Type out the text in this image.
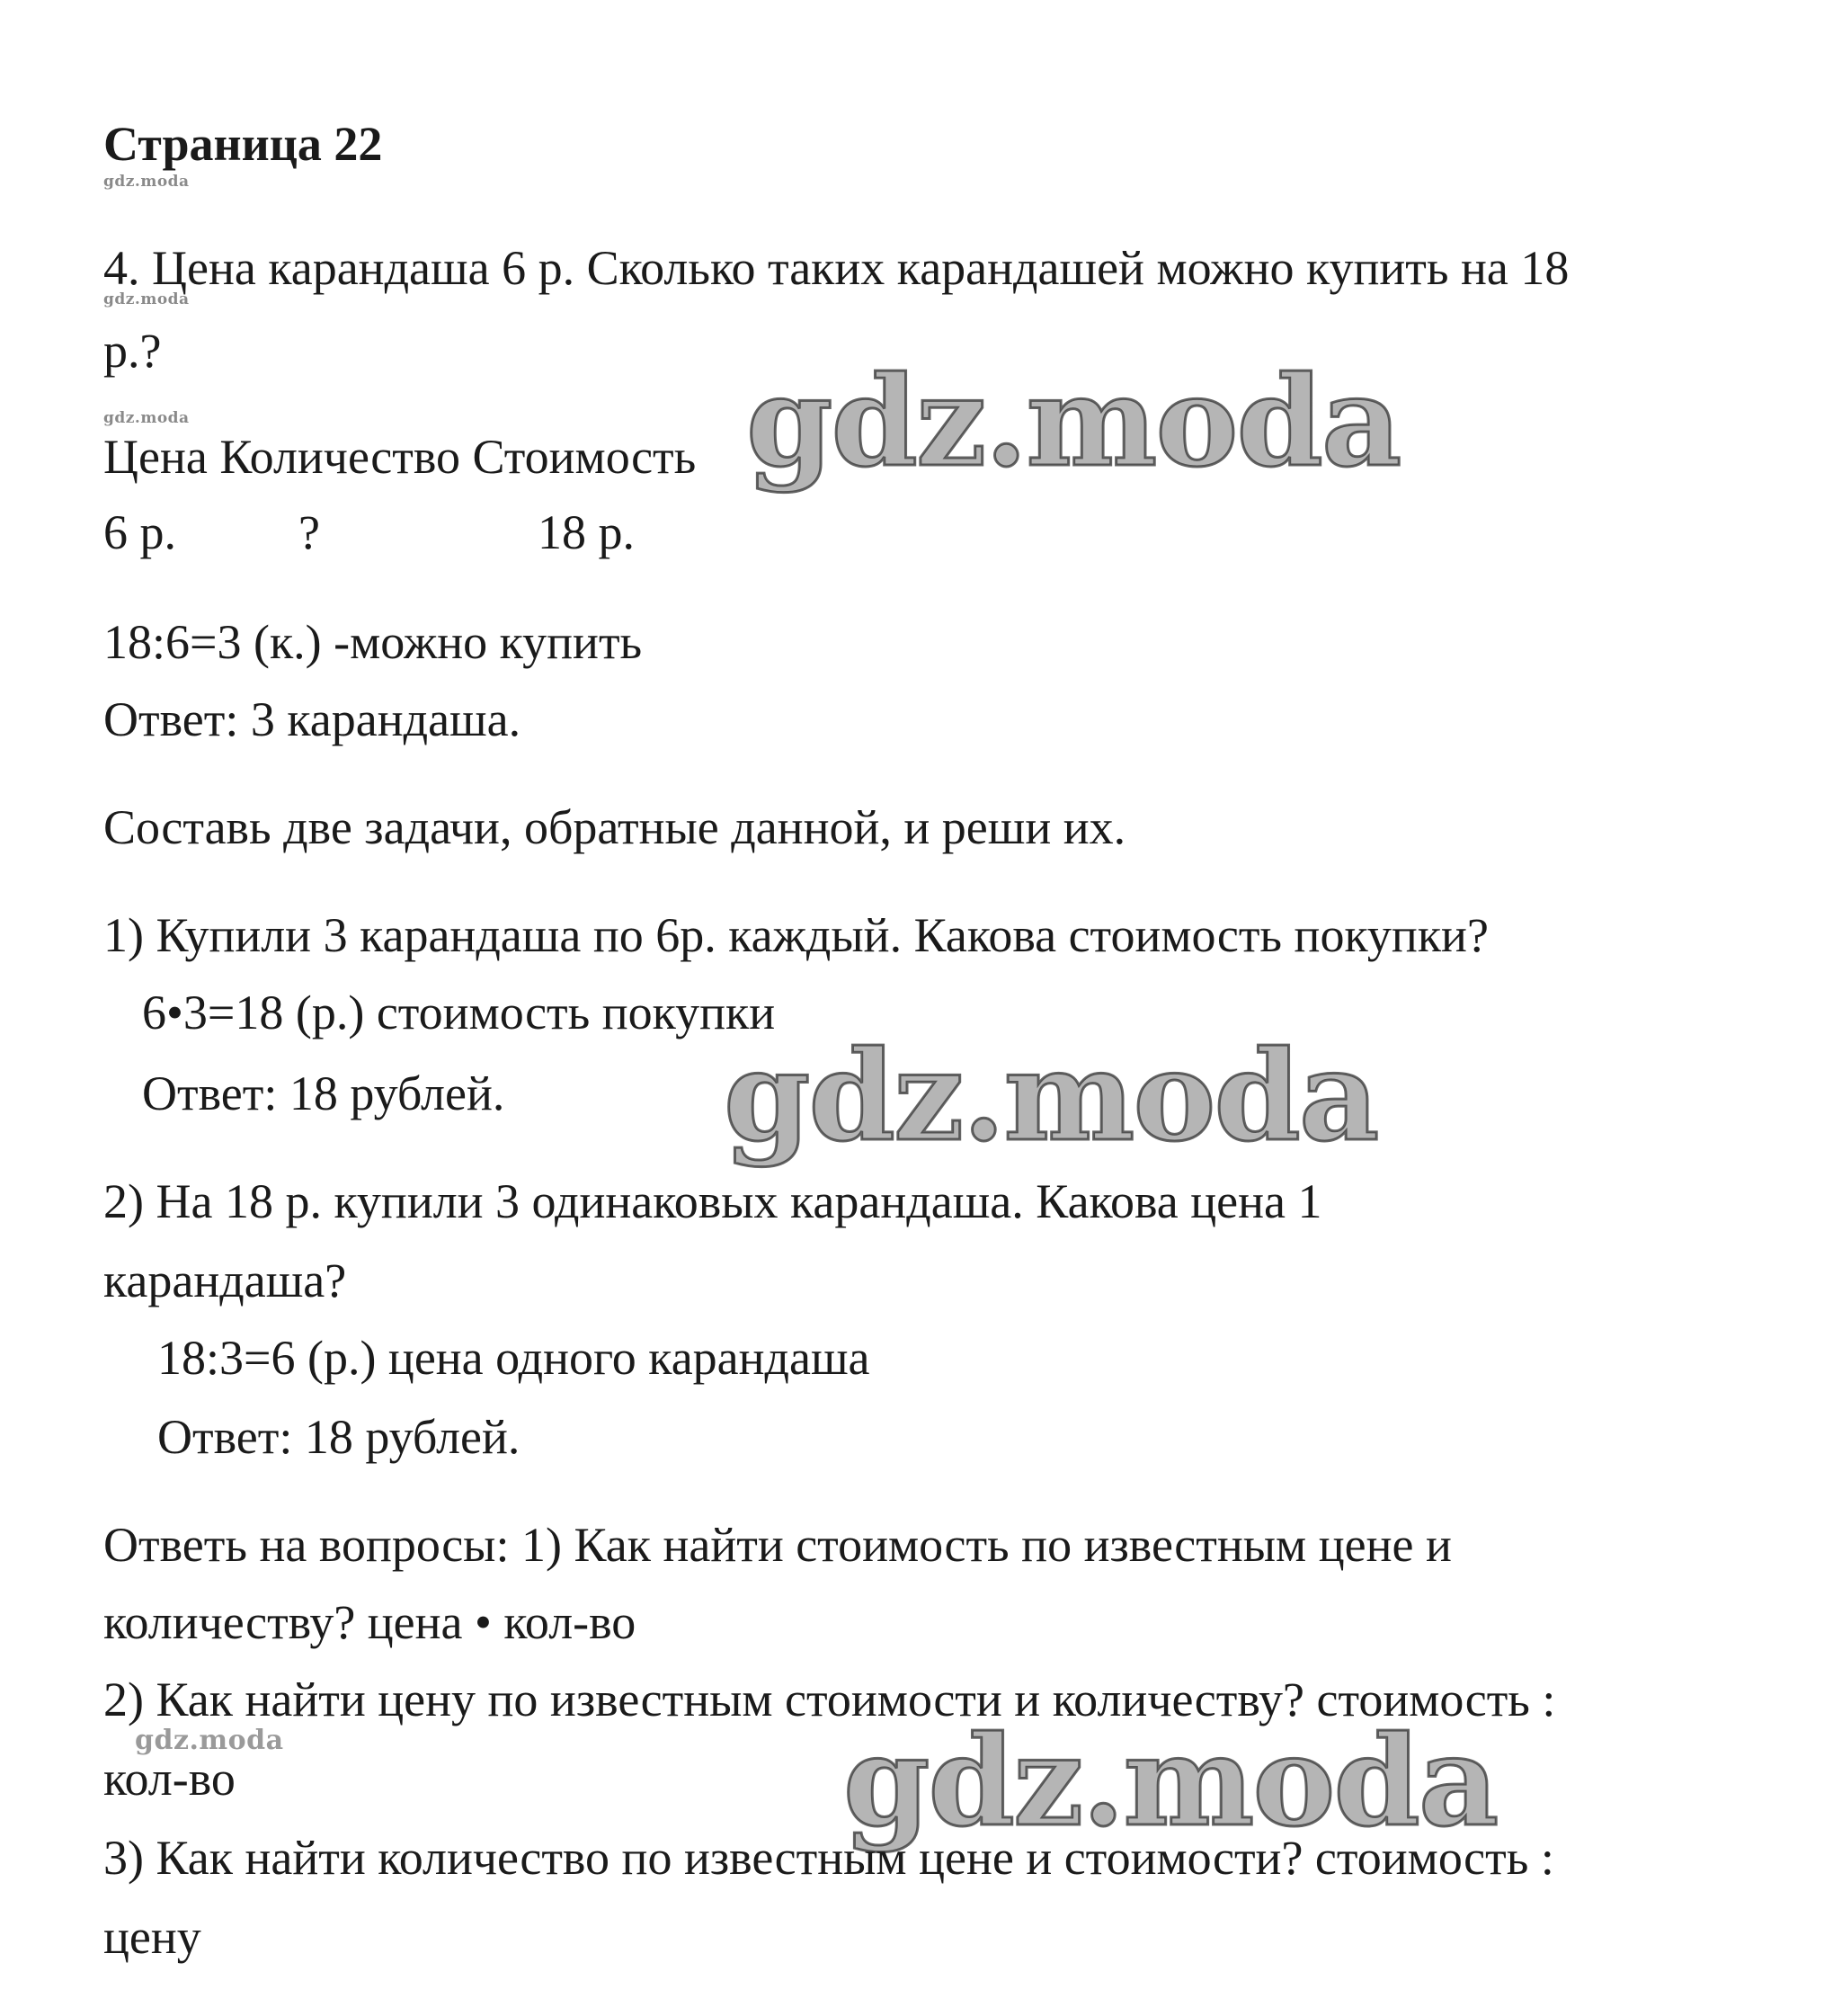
Страница 22
gdz.moda
4. Цена карандаша 6 р. Сколько таких карандашей можно купить на 18
gdz.moda
р.?
gdz.moda
Цена Количество Стоимость gdz.moda
6 р.	?	18 р.
18:6=3 (к.) -можно купить
Ответ: 3 карандаша.
Составь две задачи, обратные данной, и реши их.
1) Купили 3 карандаша по 6р. каждый. Какова стоимость покупки?
6•3=18 (р.) стоимость покупки
Ответ: 18 рублей. gdz.moda
2) На 18 р. купили 3 одинаковых карандаша. Какова цена 1
карандаша?
18:3=6 (р.) цена одного карандаша
Ответ: 18 рублей.
Ответь на вопросы: 1) Как найти стоимость по известным цене и
количеству? цена • кол-во
2) Как найти цену по известным стоимости и количеству? стоимость :
gdz.moda
кол-во	gdz.moda
3) Как найти количество по известным цене и стоимости? стоимость :
цену
